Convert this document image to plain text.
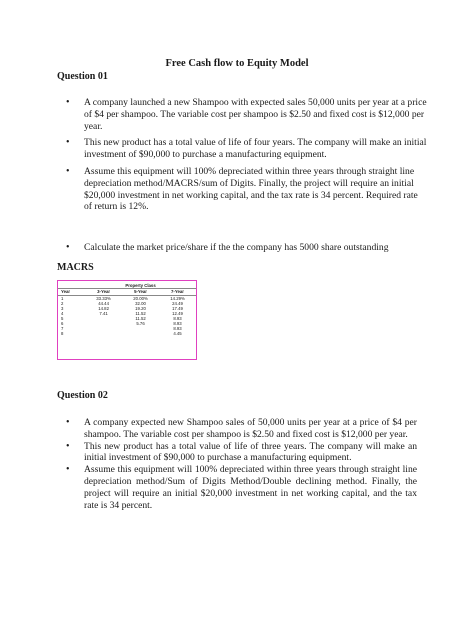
Free Cash flow to Equity Model
Question 01
• A company launched a new Shampoo with expected sales 50,000 units per year at a price of $4 per shampoo. The variable cost per shampoo is $2.50 and fixed cost is $12,000 per year.
• This new product has a total value of life of four years. The company will make an initial investment of $90,000 to purchase a manufacturing equipment.
• Assume this equipment will 100% depreciated within three years through straight line depreciation method/MACRS/sum of Digits. Finally, the project will require an initial $20,000 investment in net working capital, and the tax rate is 34 percent. Required rate of return is 12%.
• Calculate the market price/share if the the company has 5000 share outstanding
MACRS
	Property Class		
Year	3-Year	5-Year	7-Year
1	33.33%	20.00%	14.29%
2	44.44	32.00	24.49
3	14.82	19.20	17.49
4	7.41	11.52	12.49
5		11.52	8.93
6		5.76	8.93
7			8.93
8			4.45
Question 02
• A company expected new Shampoo sales of 50,000 units per year at a price of $4 per shampoo. The variable cost per shampoo is $2.50 and fixed cost is $12,000 per year.
• This new product has a total value of life of three years. The company will make an initial investment of $90,000 to purchase a manufacturing equipment.
• Assume this equipment will 100% depreciated within three years through straight line depreciation method/Sum of Digits Method/Double declining method. Finally, the project will require an initial $20,000 investment in net working capital, and the tax rate is 34 percent.
